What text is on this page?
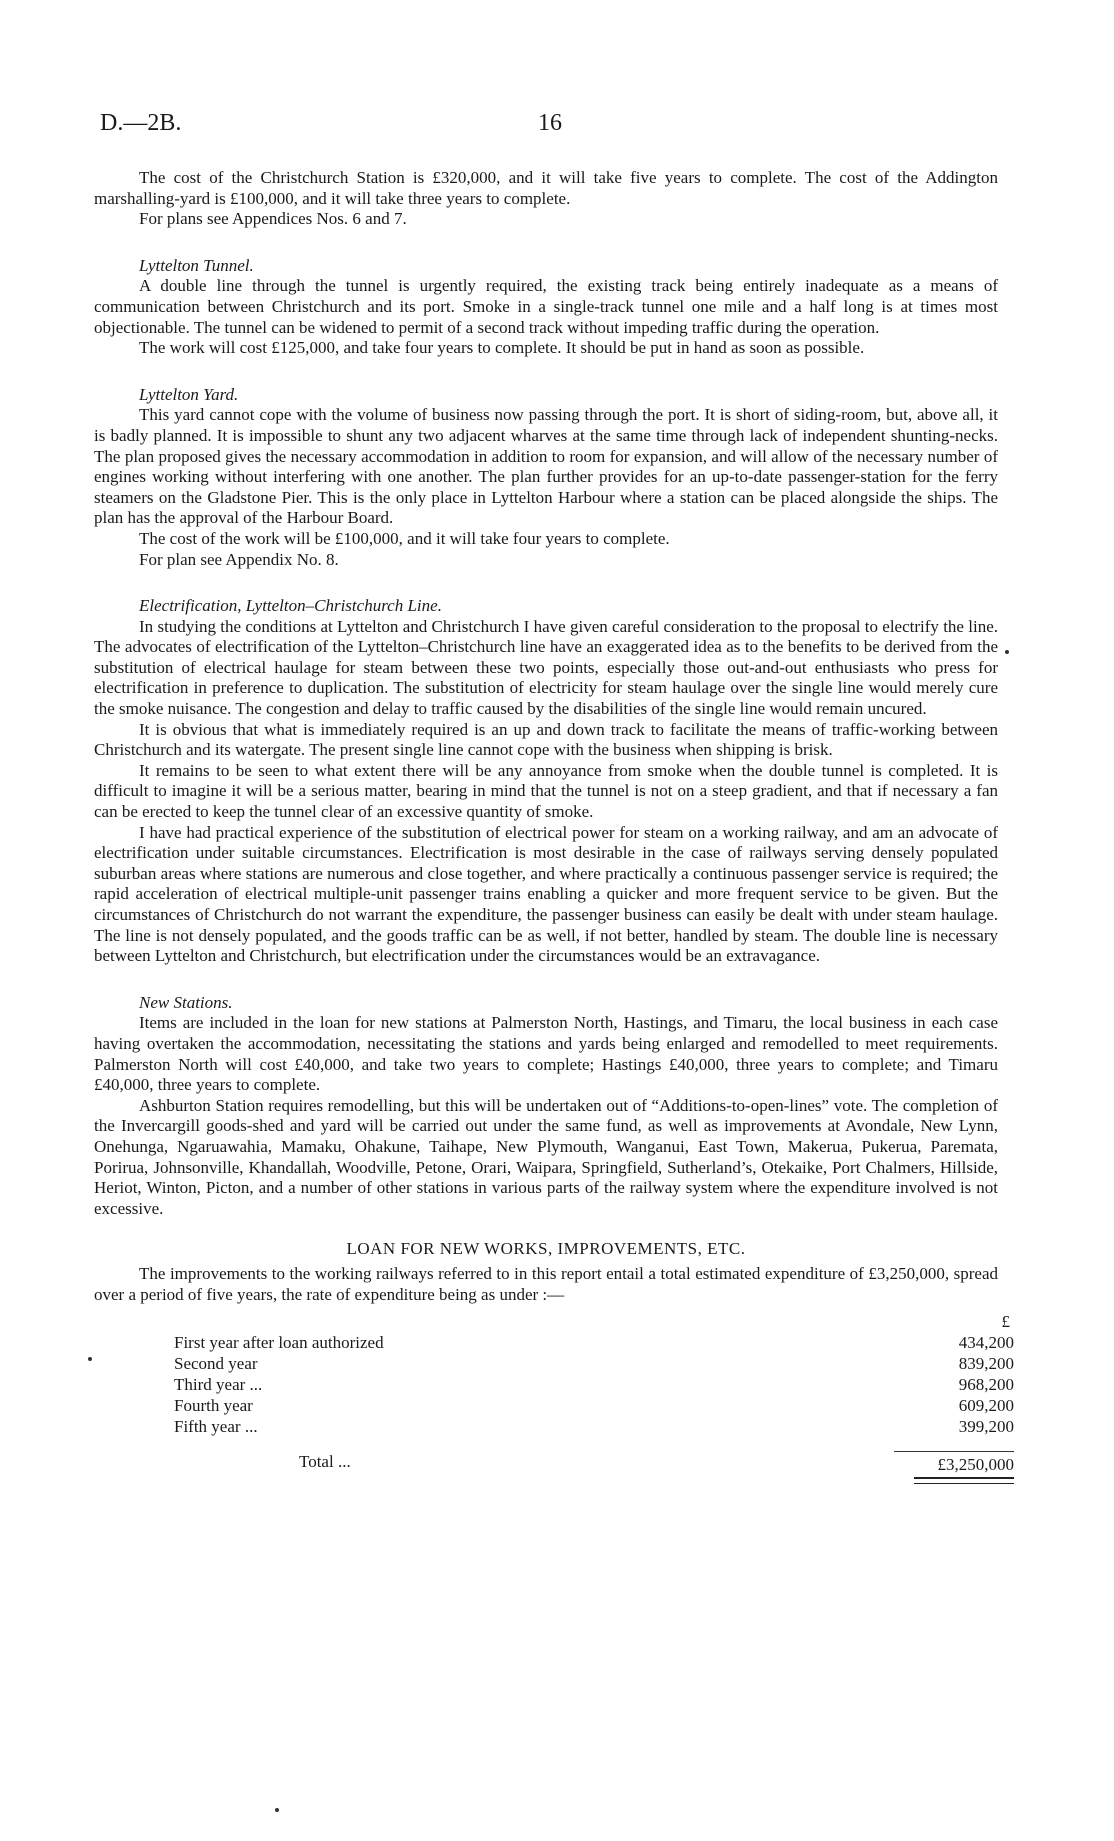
D.—2B.	16

The cost of the Christchurch Station is £320,000, and it will take five years to complete. The cost of the Addington marshalling-yard is £100,000, and it will take three years to complete.

For plans see Appendices Nos. 6 and 7.

Lyttelton Tunnel.

A double line through the tunnel is urgently required, the existing track being entirely inadequate as a means of communication between Christchurch and its port. Smoke in a single-track tunnel one mile and a half long is at times most objectionable. The tunnel can be widened to permit of a second track without impeding traffic during the operation.

The work will cost £125,000, and take four years to complete. It should be put in hand as soon as possible.

Lyttelton Yard.

This yard cannot cope with the volume of business now passing through the port. It is short of siding-room, but, above all, it is badly planned. It is impossible to shunt any two adjacent wharves at the same time through lack of independent shunting-necks. The plan proposed gives the necessary accommodation in addition to room for expansion, and will allow of the necessary number of engines working without interfering with one another. The plan further provides for an up-to-date passenger-station for the ferry steamers on the Gladstone Pier. This is the only place in Lyttelton Harbour where a station can be placed alongside the ships. The plan has the approval of the Harbour Board.

The cost of the work will be £100,000, and it will take four years to complete.

For plan see Appendix No. 8.

Electrification, Lyttelton–Christchurch Line.

In studying the conditions at Lyttelton and Christchurch I have given careful consideration to the proposal to electrify the line. The advocates of electrification of the Lyttelton–Christchurch line have an exaggerated idea as to the benefits to be derived from the substitution of electrical haulage for steam between these two points, especially those out-and-out enthusiasts who press for electrification in preference to duplication. The substitution of electricity for steam haulage over the single line would merely cure the smoke nuisance. The congestion and delay to traffic caused by the disabilities of the single line would remain uncured.

It is obvious that what is immediately required is an up and down track to facilitate the means of traffic-working between Christchurch and its watergate. The present single line cannot cope with the business when shipping is brisk.

It remains to be seen to what extent there will be any annoyance from smoke when the double tunnel is completed. It is difficult to imagine it will be a serious matter, bearing in mind that the tunnel is not on a steep gradient, and that if necessary a fan can be erected to keep the tunnel clear of an excessive quantity of smoke.

I have had practical experience of the substitution of electrical power for steam on a working railway, and am an advocate of electrification under suitable circumstances. Electrification is most desirable in the case of railways serving densely populated suburban areas where stations are numerous and close together, and where practically a continuous passenger service is required; the rapid acceleration of electrical multiple-unit passenger trains enabling a quicker and more frequent service to be given. But the circumstances of Christchurch do not warrant the expenditure, the passenger business can easily be dealt with under steam haulage. The line is not densely populated, and the goods traffic can be as well, if not better, handled by steam. The double line is necessary between Lyttelton and Christchurch, but electrification under the circumstances would be an extravagance.

New Stations.

Items are included in the loan for new stations at Palmerston North, Hastings, and Timaru, the local business in each case having overtaken the accommodation, necessitating the stations and yards being enlarged and remodelled to meet requirements. Palmerston North will cost £40,000, and take two years to complete; Hastings £40,000, three years to complete; and Timaru £40,000, three years to complete.

Ashburton Station requires remodelling, but this will be undertaken out of “Additions-to-open-lines” vote. The completion of the Invercargill goods-shed and yard will be carried out under the same fund, as well as improvements at Avondale, New Lynn, Onehunga, Ngaruawahia, Mamaku, Ohakune, Taihape, New Plymouth, Wanganui, East Town, Makerua, Pukerua, Paremata, Porirua, Johnsonville, Khandallah, Woodville, Petone, Orari, Waipara, Springfield, Sutherland’s, Otekaike, Port Chalmers, Hillside, Heriot, Winton, Picton, and a number of other stations in various parts of the railway system where the expenditure involved is not excessive.

LOAN FOR NEW WORKS, IMPROVEMENTS, ETC.

The improvements to the working railways referred to in this report entail a total estimated expenditure of £3,250,000, spread over a period of five years, the rate of expenditure being as under :—

£
First year after loan authorized	434,200
Second year	839,200
Third year ...	968,200
Fourth year	609,200
Fifth year ...	399,200
Total ...	£3,250,000
